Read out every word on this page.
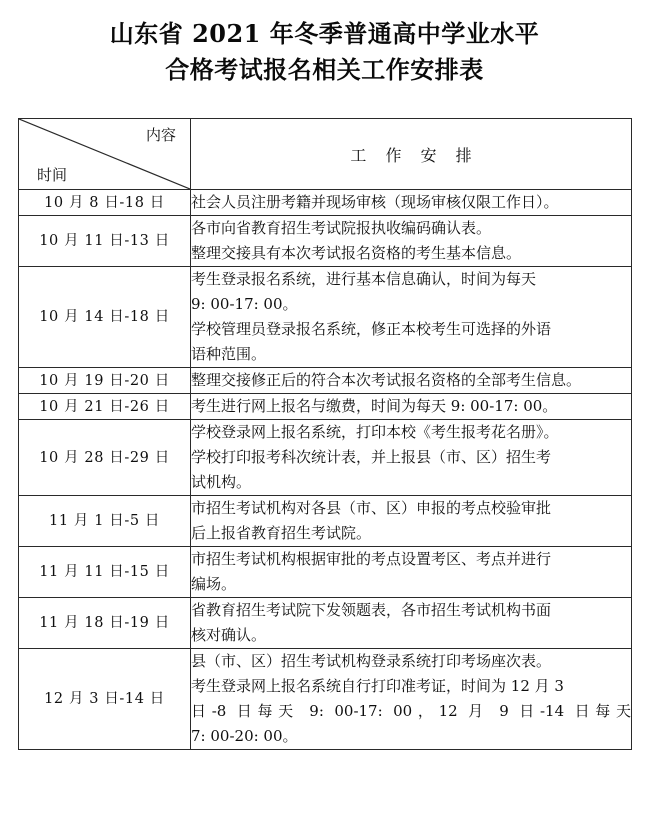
山东省 2021 年冬季普通高中学业水平
合格考试报名相关工作安排表
内容
时间	工 作 安 排
10 月 8 日-18 日	社会人员注册考籍并现场审核（现场审核仅限工作日）。

10 月 11 日-13 日	各市向省教育招生考试院报执收编码确认表。
整理交接具有本次考试报名资格的考生基本信息。

10 月 14 日-18 日	考生登录报名系统，进行基本信息确认，时间为每天
9: 00-17: 00。
学校管理员登录报名系统，修正本校考生可选择的外语
语种范围。

10 月 19 日-20 日	整理交接修正后的符合本次考试报名资格的全部考生信息。

10 月 21 日-26 日	考生进行网上报名与缴费，时间为每天 9: 00-17: 00。

10 月 28 日-29 日	学校登录网上报名系统，打印本校《考生报考花名册》。
学校打印报考科次统计表，并上报县（市、区）招生考
试机构。

11 月 1 日-5 日	市招生考试机构对各县（市、区）申报的考点校验审批
后上报省教育招生考试院。

11 月 11 日-15 日	市招生考试机构根据审批的考点设置考区、考点并进行
编场。

11 月 18 日-19 日	省教育招生考试院下发领题表，各市招生考试机构书面
核对确认。

12 月 3 日-14 日	县（市、区）招生考试机构登录系统打印考场座次表。
考生登录网上报名系统自行打印准考证，时间为 12 月 3
日-8 日每天 9: 00-17: 00，12 月 9 日-14 日每天
7: 00-20: 00。
